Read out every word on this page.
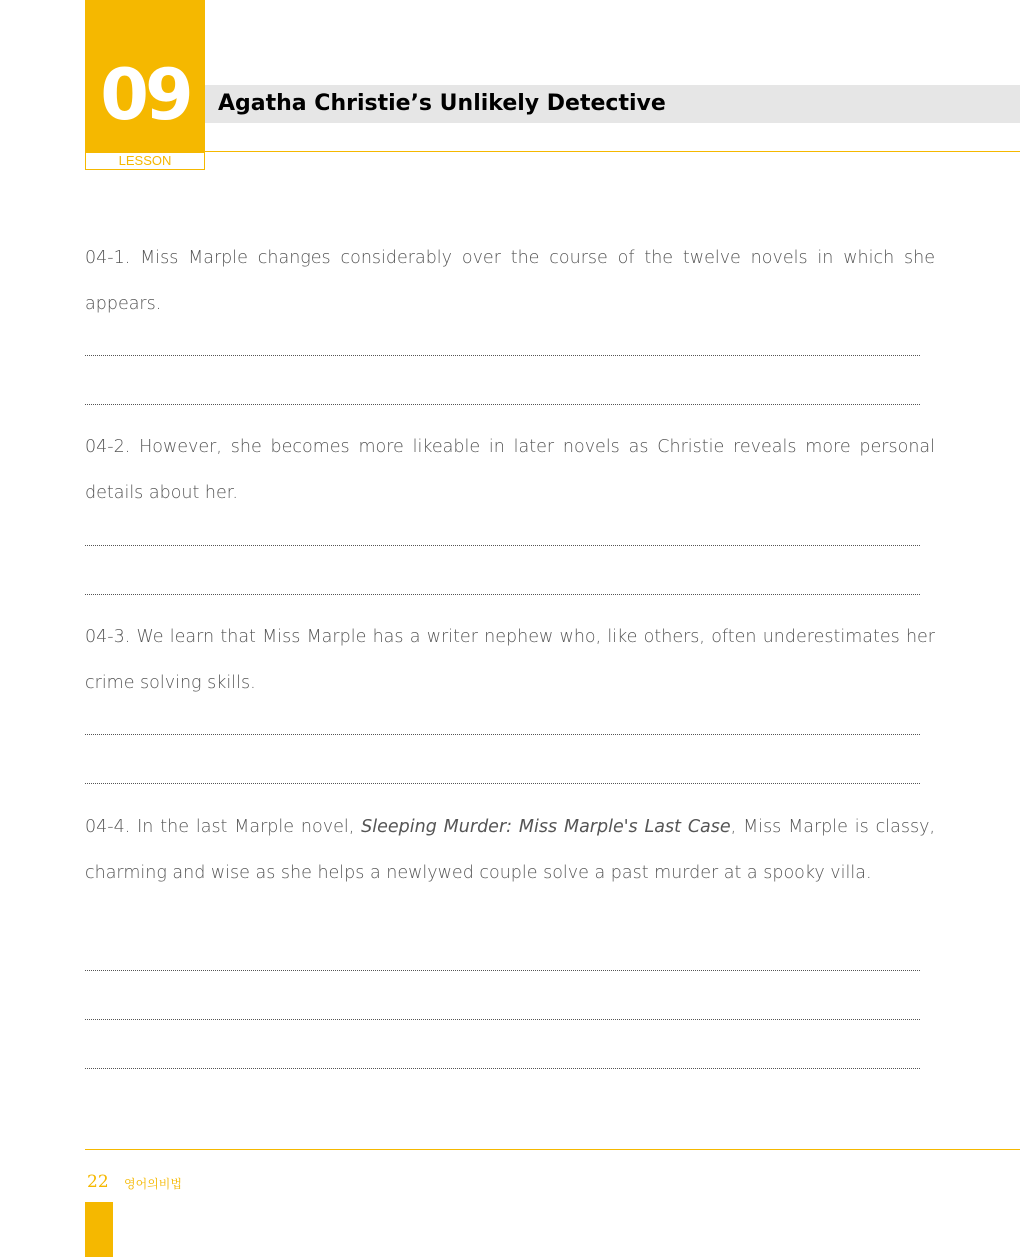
09
LESSON
Agatha Christie’s Unlikely Detective

04-1. Miss Marple changes considerably over the course of the twelve novels in which she appears.

04-2. However, she becomes more likeable in later novels as Christie reveals more personal details about her.

04-3. We learn that Miss Marple has a writer nephew who, like others, often underestimates her crime solving skills.

04-4. In the last Marple novel, Sleeping Murder: Miss Marple's Last Case, Miss Marple is classy, charming and wise as she helps a newlywed couple solve a past murder at a spooky villa.

22 영어의비법
